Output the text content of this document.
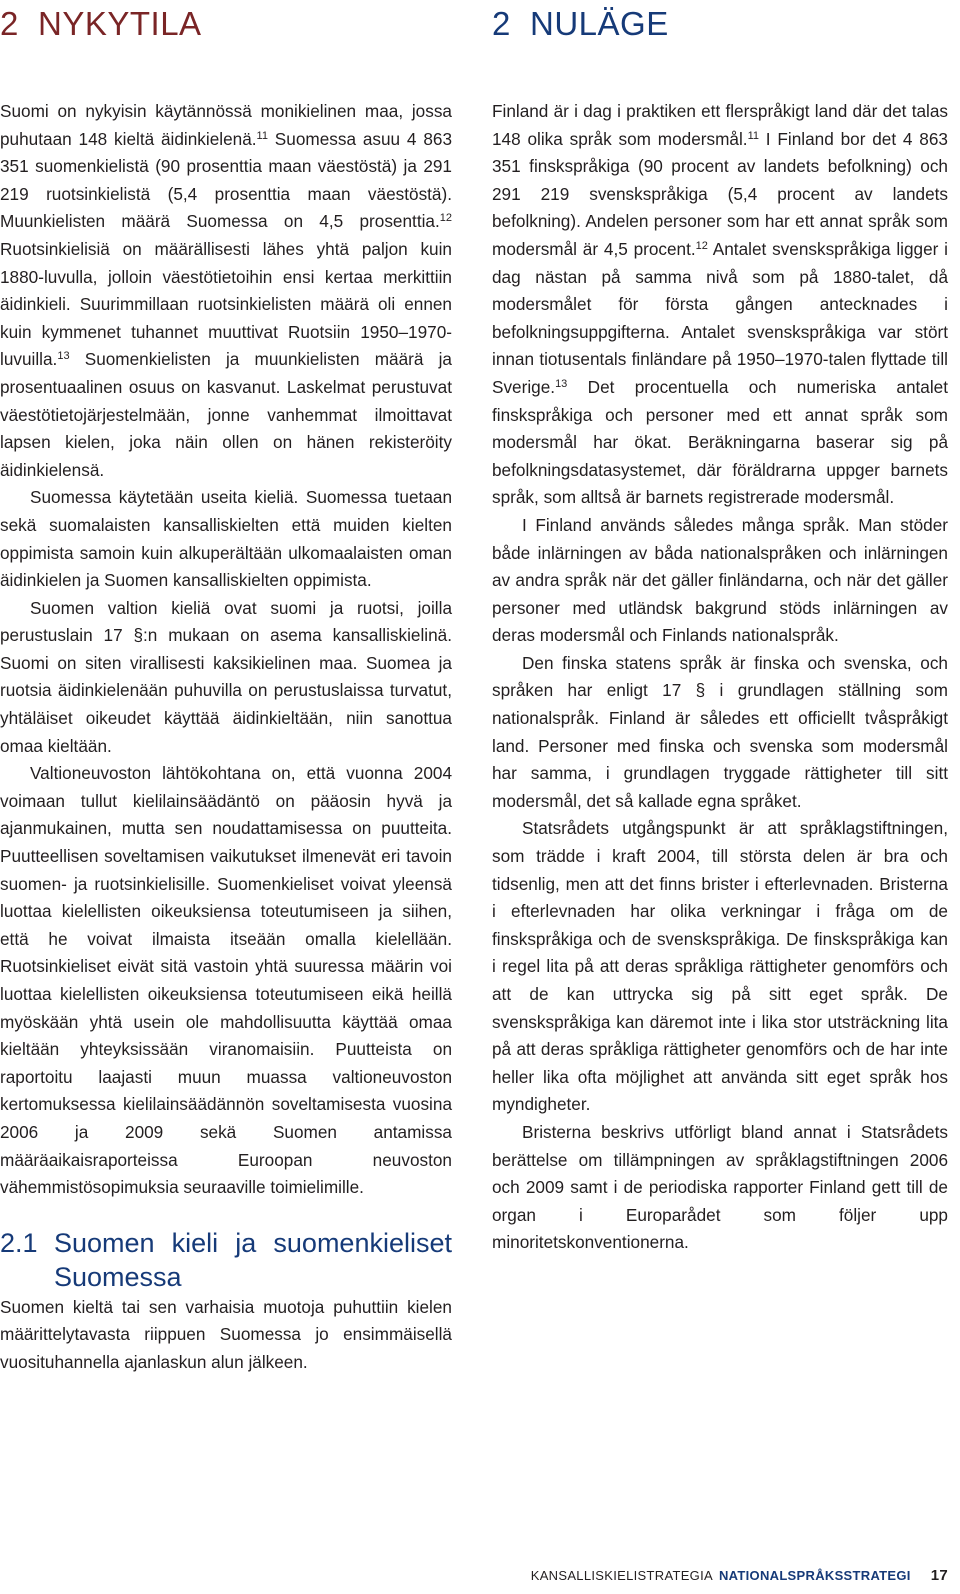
2 NYKYTILA

Suomi on nykyisin käytännössä monikielinen maa, jossa puhutaan 148 kieltä äidinkielenä.$^{11}$ Suomessa asuu 4 863 351 suomenkielistä (90 prosenttia maan väestöstä) ja 291 219 ruotsinkielistä (5,4 prosenttia maan väestöstä). Muunkielisten määrä Suomessa on 4,5 prosenttia.$^{12}$ Ruotsinkielisiä on määrällisesti lähes yhtä paljon kuin 1880-luvulla, jolloin väestötietoihin ensi kertaa merkittiin äidinkieli. Suurimmillaan ruotsinkielisten määrä oli ennen kuin kymmenet tuhannet muuttivat Ruotsiin 1950–1970-luvuilla.$^{13}$ Suomenkielisten ja muunkielisten määrä ja prosentuaalinen osuus on kasvanut. Laskelmat perustuvat väestötietojärjestelmään, jonne vanhemmat ilmoittavat lapsen kielen, joka näin ollen on hänen rekisteröity äidinkielensä.

Suomessa käytetään useita kieliä. Suomessa tuetaan sekä suomalaisten kansalliskielten että muiden kielten oppimista samoin kuin alkuperältään ulkomaalaisten oman äidinkielen ja Suomen kansalliskielten oppimista.

Suomen valtion kieliä ovat suomi ja ruotsi, joilla perustuslain 17 §:n mukaan on asema kansalliskielinä. Suomi on siten virallisesti kaksikielinen maa. Suomea ja ruotsia äidinkielenään puhuvilla on perustuslaissa turvatut, yhtäläiset oikeudet käyttää äidinkieltään, niin sanottua omaa kieltään.

Valtioneuvoston lähtökohtana on, että vuonna 2004 voimaan tullut kielilainsäädäntö on pääosin hyvä ja ajanmukainen, mutta sen noudattamisessa on puutteita. Puutteellisen soveltamisen vaikutukset ilmenevät eri tavoin suomen- ja ruotsinkielisille. Suomenkieliset voivat yleensä luottaa kielellisten oikeuksiensa toteutumiseen ja siihen, että he voivat ilmaista itseään omalla kielellään. Ruotsinkieliset eivät sitä vastoin yhtä suuressa määrin voi luottaa kielellisten oikeuksiensa toteutumiseen eikä heillä myöskään yhtä usein ole mahdollisuutta käyttää omaa kieltään yhteyksissään viranomaisiin. Puutteista on raportoitu laajasti muun muassa valtioneuvoston kertomuksessa kielilainsäädännön soveltamisesta vuosina 2006 ja 2009 sekä Suomen antamissa määräaikaisraporteissa Euroopan neuvoston vähemmistösopimuksia seuraaville toimielimille.

2.1 Suomen kieli ja suomenkieliset Suomessa

Suomen kieltä tai sen varhaisia muotoja puhuttiin kielen määrittelytavasta riippuen Suomessa jo ensimmäisellä vuosituhannella ajanlaskun alun jälkeen.

2 NULÄGE

Finland är i dag i praktiken ett flerspråkigt land där det talas 148 olika språk som modersmål.$^{11}$ I Finland bor det 4 863 351 finskspråkiga (90 procent av landets befolkning) och 291 219 svenskspråkiga (5,4 procent av landets befolkning). Andelen personer som har ett annat språk som modersmål är 4,5 procent.$^{12}$ Antalet svenskspråkiga ligger i dag nästan på samma nivå som på 1880-talet, då modersmålet för första gången antecknades i befolkningsuppgifterna. Antalet svenskspråkiga var stört innan tiotusentals finländare på 1950–1970-talen flyttade till Sverige.$^{13}$ Det procentuella och numeriska antalet finskspråkiga och personer med ett annat språk som modersmål har ökat. Beräkningarna baserar sig på befolkningsdatasystemet, där föräldrarna uppger barnets språk, som alltså är barnets registrerade modersmål.

I Finland används således många språk. Man stöder både inlärningen av båda nationalspråken och inlärningen av andra språk när det gäller finländarna, och när det gäller personer med utländsk bakgrund stöds inlärningen av deras modersmål och Finlands nationalspråk.

Den finska statens språk är finska och svenska, och språken har enligt 17 § i grundlagen ställning som nationalspråk. Finland är således ett officiellt tvåspråkigt land. Personer med finska och svenska som modersmål har samma, i grundlagen tryggade rättigheter till sitt modersmål, det så kallade egna språket.

Statsrådets utgångspunkt är att språklagstiftningen, som trädde i kraft 2004, till största delen är bra och tidsenlig, men att det finns brister i efterlevnaden. Bristerna i efterlevnaden har olika verkningar i fråga om de finskspråkiga och de svenskspråkiga. De finskspråkiga kan i regel lita på att deras språkliga rättigheter genomförs och att de kan uttrycka sig på sitt eget språk. De svenskspråkiga kan däremot inte i lika stor utsträckning lita på att deras språkliga rättigheter genomförs och de har inte heller lika ofta möjlighet att använda sitt eget språk hos myndigheter.

Bristerna beskrivs utförligt bland annat i Statsrådets berättelse om tillämpningen av språklagstiftningen 2006 och 2009 samt i de periodiska rapporter Finland gett till de organ i Europarådet som följer upp minoritetskonventionerna.

KANSALLISKIELISTRATEGIA NATIONALSPRÅKSSTRATEGI 17
